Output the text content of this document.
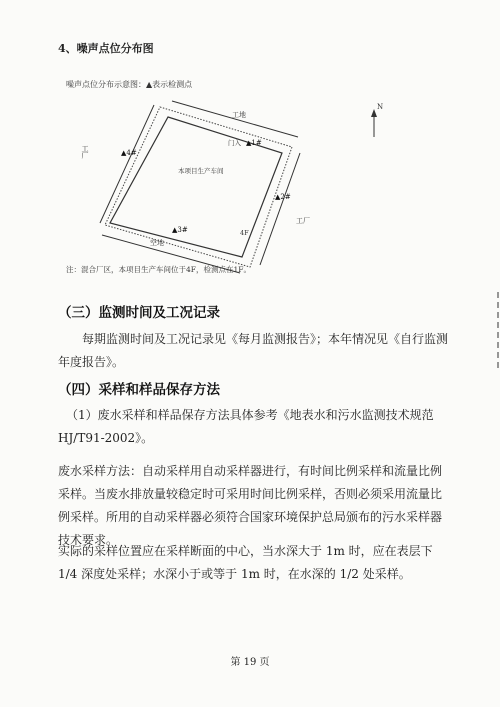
4、噪声点位分布图
噪声点位分布示意图：▲表示检测点
N
工地
工厂
工厂
空地
门入
本项目生产车间
4F
▲1#
▲2#
▲3#
▲4#
注：混合厂区，本项目生产车间位于4F，检测点在1F。
（三）监测时间及工况记录
每期监测时间及工况记录见《每月监测报告》；本年情况见《自行监测年度报告》。
（四）采样和样品保存方法
（1）废水采样和样品保存方法具体参考《地表水和污水监测技术规范HJ/T91-2002》。
废水采样方法：自动采样用自动采样器进行，有时间比例采样和流量比例采样。当废水排放量较稳定时可采用时间比例采样，否则必须采用流量比例采样。所用的自动采样器必须符合国家环境保护总局颁布的污水采样器技术要求。
实际的采样位置应在采样断面的中心，当水深大于 1m 时，应在表层下 1/4 深度处采样；水深小于或等于 1m 时，在水深的 1/2 处采样。
第 19 页
